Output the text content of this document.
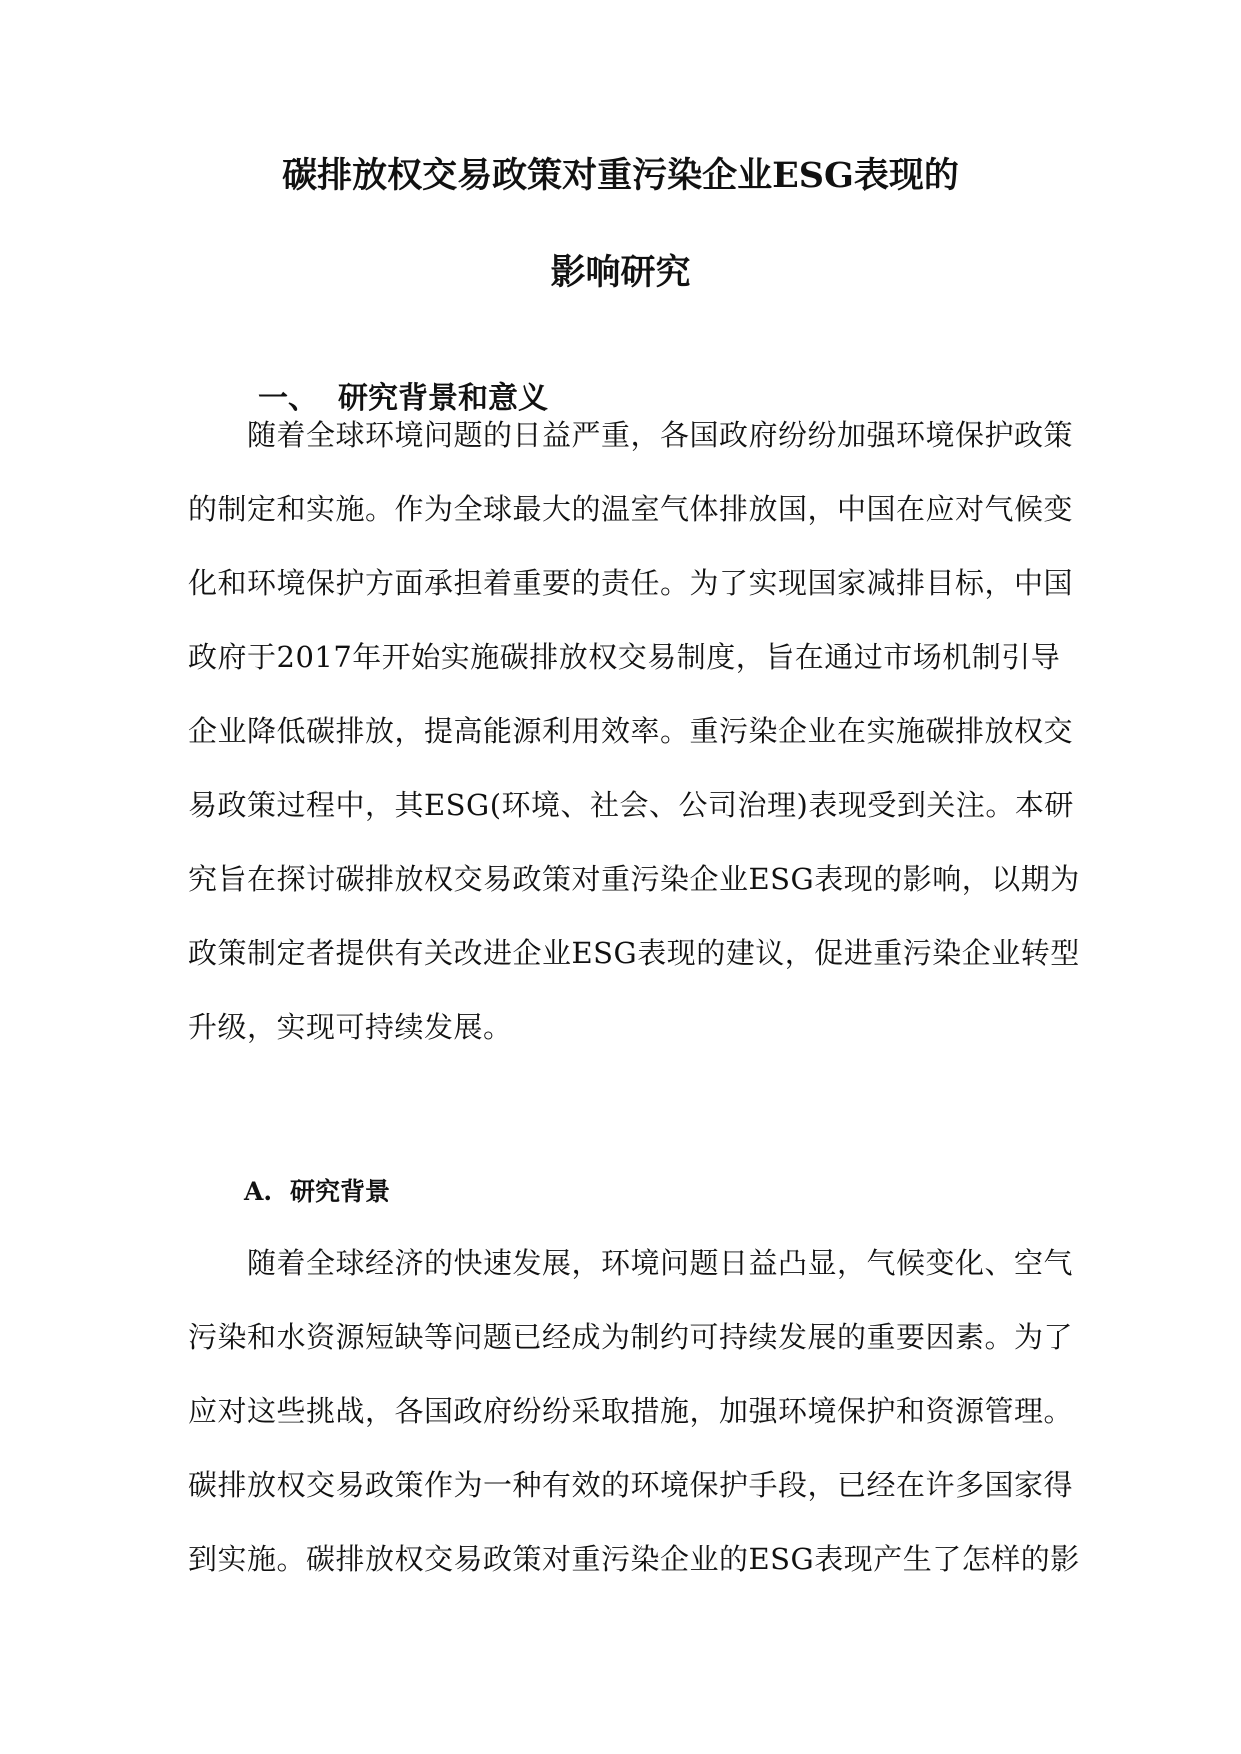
碳排放权交易政策对重污染企业ESG表现的
影响研究
一、 研究背景和意义
　　随着全球环境问题的日益严重，各国政府纷纷加强环境保护政策
的制定和实施。作为全球最大的温室气体排放国，中国在应对气候变
化和环境保护方面承担着重要的责任。为了实现国家减排目标，中国
政府于2017年开始实施碳排放权交易制度，旨在通过市场机制引导
企业降低碳排放，提高能源利用效率。重污染企业在实施碳排放权交
易政策过程中，其ESG(环境、社会、公司治理)表现受到关注。本研
究旨在探讨碳排放权交易政策对重污染企业ESG表现的影响，以期为
政策制定者提供有关改进企业ESG表现的建议，促进重污染企业转型
升级，实现可持续发展。
A. 研究背景
　　随着全球经济的快速发展，环境问题日益凸显，气候变化、空气
污染和水资源短缺等问题已经成为制约可持续发展的重要因素。为了
应对这些挑战，各国政府纷纷采取措施，加强环境保护和资源管理。
碳排放权交易政策作为一种有效的环境保护手段，已经在许多国家得
到实施。碳排放权交易政策对重污染企业的ESG表现产生了怎样的影
